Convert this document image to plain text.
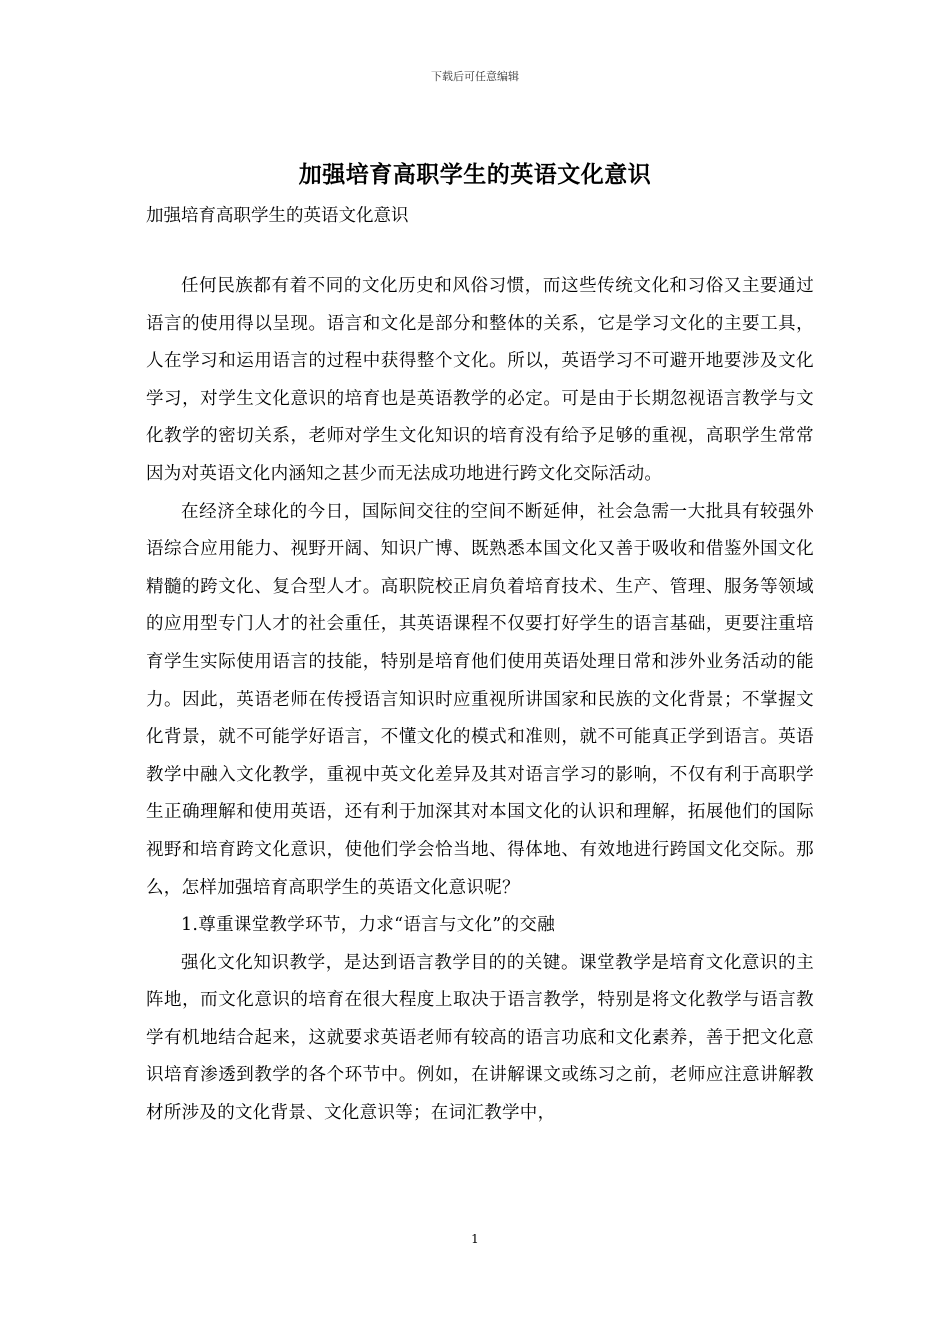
下载后可任意编辑
加强培育高职学生的英语文化意识
加强培育高职学生的英语文化意识

任何民族都有着不同的文化历史和风俗习惯，而这些传统文化和习俗又主要通过语言的使用得以呈现。语言和文化是部分和整体的关系，它是学习文化的主要工具，人在学习和运用语言的过程中获得整个文化。所以，英语学习不可避开地要涉及文化学习，对学生文化意识的培育也是英语教学的必定。可是由于长期忽视语言教学与文化教学的密切关系，老师对学生文化知识的培育没有给予足够的重视，高职学生常常因为对英语文化内涵知之甚少而无法成功地进行跨文化交际活动。

在经济全球化的今日，国际间交往的空间不断延伸，社会急需一大批具有较强外语综合应用能力、视野开阔、知识广博、既熟悉本国文化又善于吸收和借鉴外国文化精髓的跨文化、复合型人才。高职院校正肩负着培育技术、生产、管理、服务等领域的应用型专门人才的社会重任，其英语课程不仅要打好学生的语言基础，更要注重培育学生实际使用语言的技能，特别是培育他们使用英语处理日常和涉外业务活动的能力。因此，英语老师在传授语言知识时应重视所讲国家和民族的文化背景；不掌握文化背景，就不可能学好语言，不懂文化的模式和准则，就不可能真正学到语言。英语教学中融入文化教学，重视中英文化差异及其对语言学习的影响，不仅有利于高职学生正确理解和使用英语，还有利于加深其对本国文化的认识和理解，拓展他们的国际视野和培育跨文化意识，使他们学会恰当地、得体地、有效地进行跨国文化交际。那么，怎样加强培育高职学生的英语文化意识呢？

1.尊重课堂教学环节，力求“语言与文化”的交融

强化文化知识教学，是达到语言教学目的的关键。课堂教学是培育文化意识的主阵地，而文化意识的培育在很大程度上取决于语言教学，特别是将文化教学与语言教学有机地结合起来，这就要求英语老师有较高的语言功底和文化素养，善于把文化意识培育渗透到教学的各个环节中。例如，在讲解课文或练习之前，老师应注意讲解教材所涉及的文化背景、文化意识等；在词汇教学中，

1
